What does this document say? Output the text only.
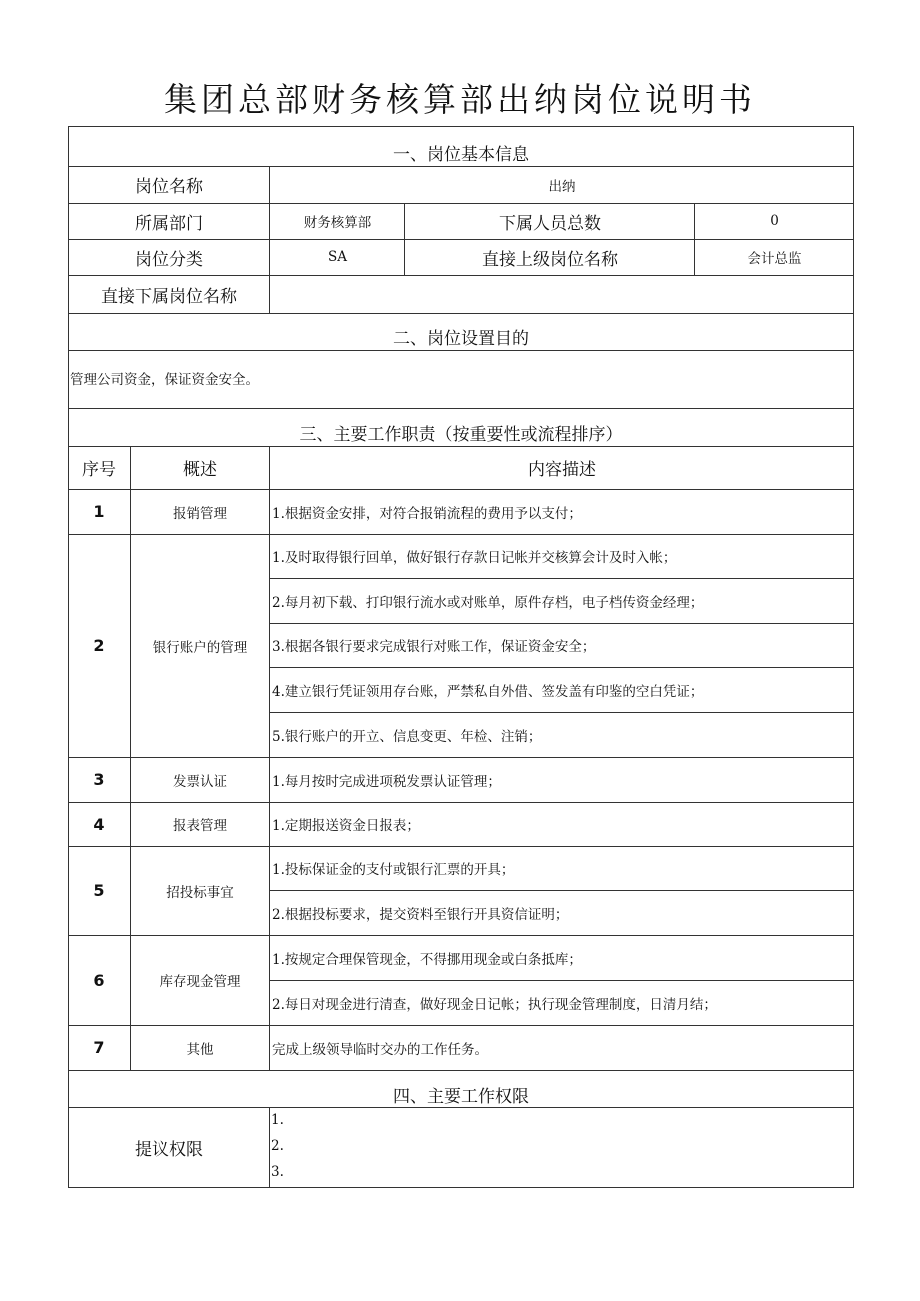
集团总部财务核算部出纳岗位说明书
一、岗位基本信息
岗位名称	出纳
所属部门	财务核算部	下属人员总数	0
岗位分类	SA	直接上级岗位名称	会计总监
直接下属岗位名称
二、岗位设置目的
管理公司资金，保证资金安全。
三、主要工作职责（按重要性或流程排序）
序号	概述	内容描述
1	报销管理	1.根据资金安排，对符合报销流程的费用予以支付；
2	银行账户的管理
1.及时取得银行回单，做好银行存款日记帐并交核算会计及时入帐；
2.每月初下载、打印银行流水或对账单，原件存档，电子档传资金经理；
3.根据各银行要求完成银行对账工作，保证资金安全；
4.建立银行凭证领用存台账，严禁私自外借、签发盖有印鉴的空白凭证；
5.银行账户的开立、信息变更、年检、注销；
3	发票认证	1.每月按时完成进项税发票认证管理；
4	报表管理	1.定期报送资金日报表；
5	招投标事宜
1.投标保证金的支付或银行汇票的开具；
2.根据投标要求，提交资料至银行开具资信证明；
6	库存现金管理
1.按规定合理保管现金，不得挪用现金或白条抵库；
2.每日对现金进行清查，做好现金日记帐；执行现金管理制度，日清月结；
7	其他	完成上级领导临时交办的工作任务。
四、主要工作权限
提议权限
1.
2.
3.
